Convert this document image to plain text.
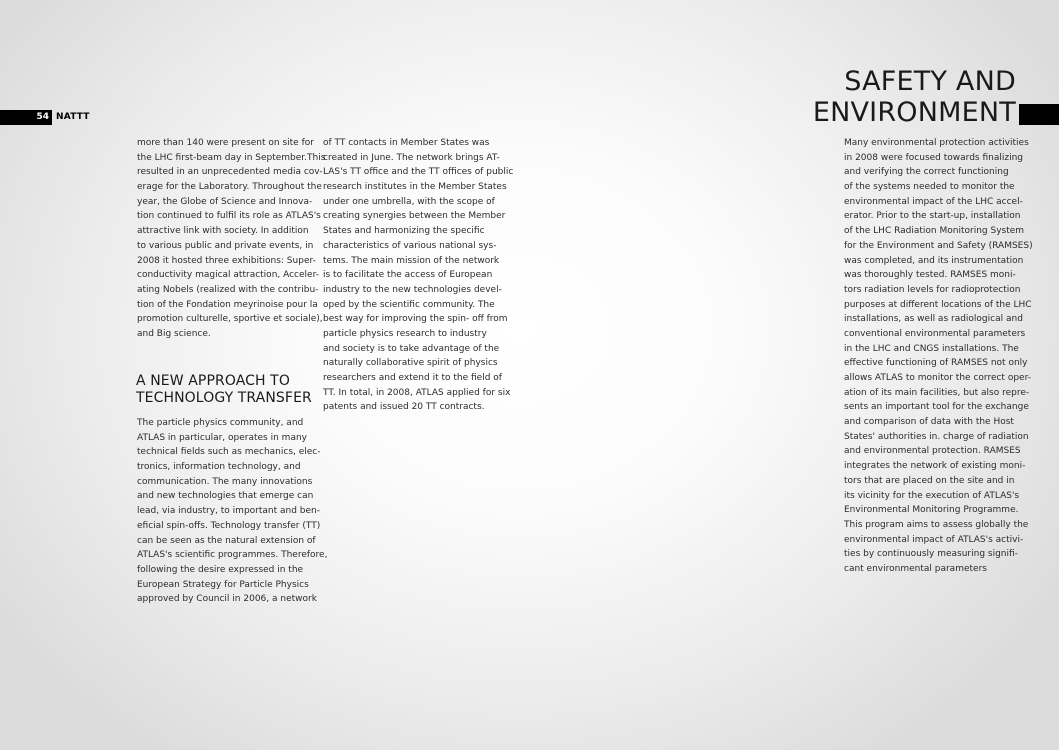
54 NATTT
SAFETY AND
ENVIRONMENT
more than 140 were present on site for
the LHC first-beam day in September.This
resulted in an unprecedented media cov-
erage for the Laboratory. Throughout the
year, the Globe of Science and Innova-
tion continued to fulfil its role as ATLAS's
attractive link with society. In addition
to various public and private events, in
2008 it hosted three exhibitions: Super-
conductivity magical attraction, Acceler-
ating Nobels (realized with the contribu-
tion of the Fondation meyrinoise pour la
promotion culturelle, sportive et sociale),
and Big science.
A NEW APPROACH TO
TECHNOLOGY TRANSFER
The particle physics community, and
ATLAS in particular, operates in many
technical fields such as mechanics, elec-
tronics, information technology, and
communication. The many innovations
and new technologies that emerge can
lead, via industry, to important and ben-
eficial spin-offs. Technology transfer (TT)
can be seen as the natural extension of
ATLAS's scientific programmes. Therefore,
following the desire expressed in the
European Strategy for Particle Physics
approved by Council in 2006, a network
of TT contacts in Member States was
created in June. The network brings AT-
LAS's TT office and the TT offices of public
research institutes in the Member States
under one umbrella, with the scope of
creating synergies between the Member
States and harmonizing the specific
characteristics of various national sys-
tems. The main mission of the network
is to facilitate the access of European
industry to the new technologies devel-
oped by the scientific community. The
best way for improving the spin- off from
particle physics research to industry
and society is to take advantage of the
naturally collaborative spirit of physics
researchers and extend it to the field of
TT. In total, in 2008, ATLAS applied for six
patents and issued 20 TT contracts.
Many environmental protection activities
in 2008 were focused towards finalizing
and verifying the correct functioning
of the systems needed to monitor the
environmental impact of the LHC accel-
erator. Prior to the start-up, installation
of the LHC Radiation Monitoring System
for the Environment and Safety (RAMSES)
was completed, and its instrumentation
was thoroughly tested. RAMSES moni-
tors radiation levels for radioprotection
purposes at different locations of the LHC
installations, as well as radiological and
conventional environmental parameters
in the LHC and CNGS installations. The
effective functioning of RAMSES not only
allows ATLAS to monitor the correct oper-
ation of its main facilities, but also repre-
sents an important tool for the exchange
and comparison of data with the Host
States' authorities in. charge of radiation
and environmental protection. RAMSES
integrates the network of existing moni-
tors that are placed on the site and in
its vicinity for the execution of ATLAS's
Environmental Monitoring Programme.
This program aims to assess globally the
environmental impact of ATLAS's activi-
ties by continuously measuring signifi-
cant environmental parameters
